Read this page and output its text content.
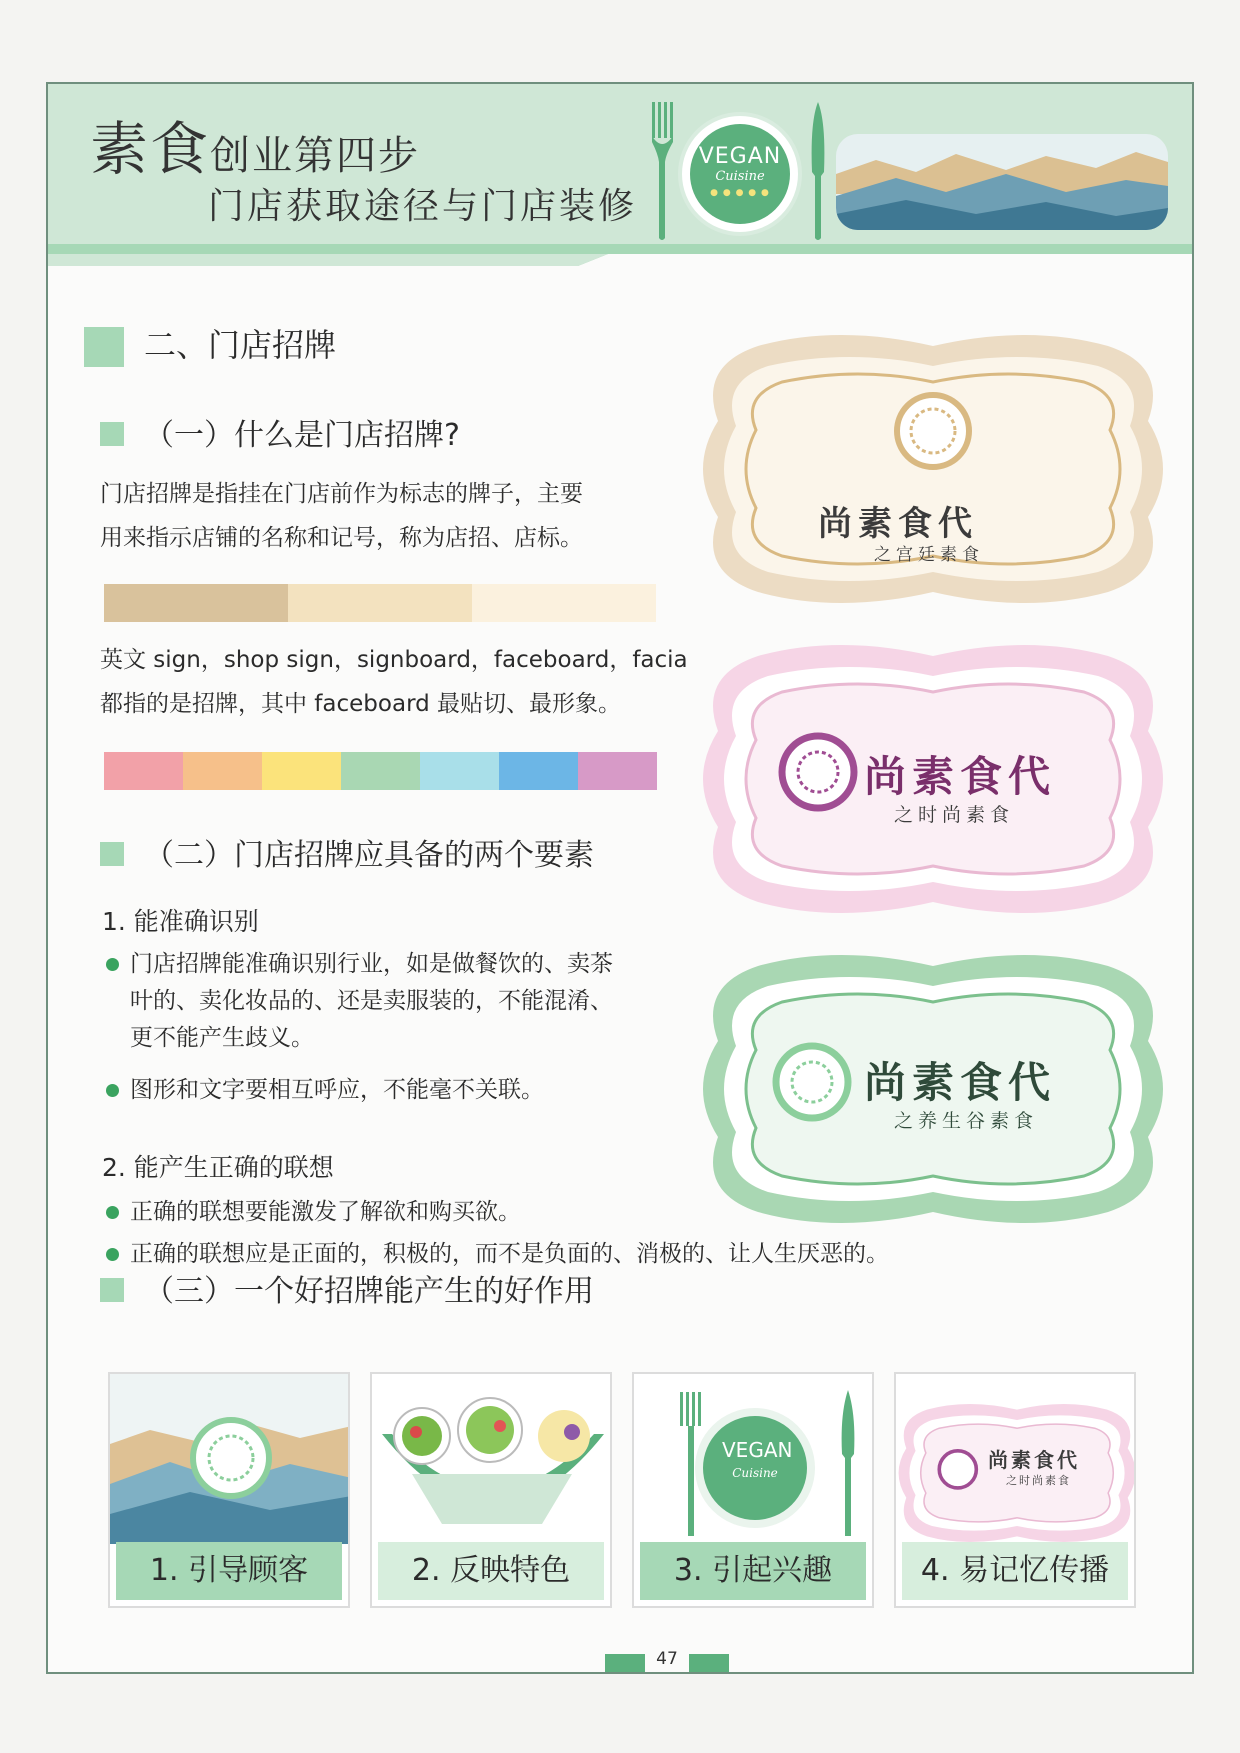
素食创业第四步
门店获取途径与门店装修
VEGAN
Cuisine
● ● ● ● ●
二、门店招牌
（一）什么是门店招牌?
门店招牌是指挂在门店前作为标志的牌子，主要
用来指示店铺的名称和记号，称为店招、店标。
英文 sign，shop sign，signboard，faceboard，facia
都指的是招牌，其中 faceboard 最贴切、最形象。
（二）门店招牌应具备的两个要素
1. 能准确识别
门店招牌能准确识别行业，如是做餐饮的、卖茶
叶的、卖化妆品的、还是卖服装的，不能混淆、
更不能产生歧义。
图形和文字要相互呼应，不能毫不关联。
2. 能产生正确的联想
正确的联想要能激发了解欲和购买欲。
正确的联想应是正面的，积极的，而不是负面的、消极的、让人生厌恶的。
尚素食代
之宫廷素食
尚素食代
之时尚素食
尚素食代
之养生谷素食
（三）一个好招牌能产生的好作用
1. 引导顾客	2. 反映特色
VEGAN
Cuisine
3. 引起兴趣
尚素食代
之时尚素食
4. 易记忆传播
47
